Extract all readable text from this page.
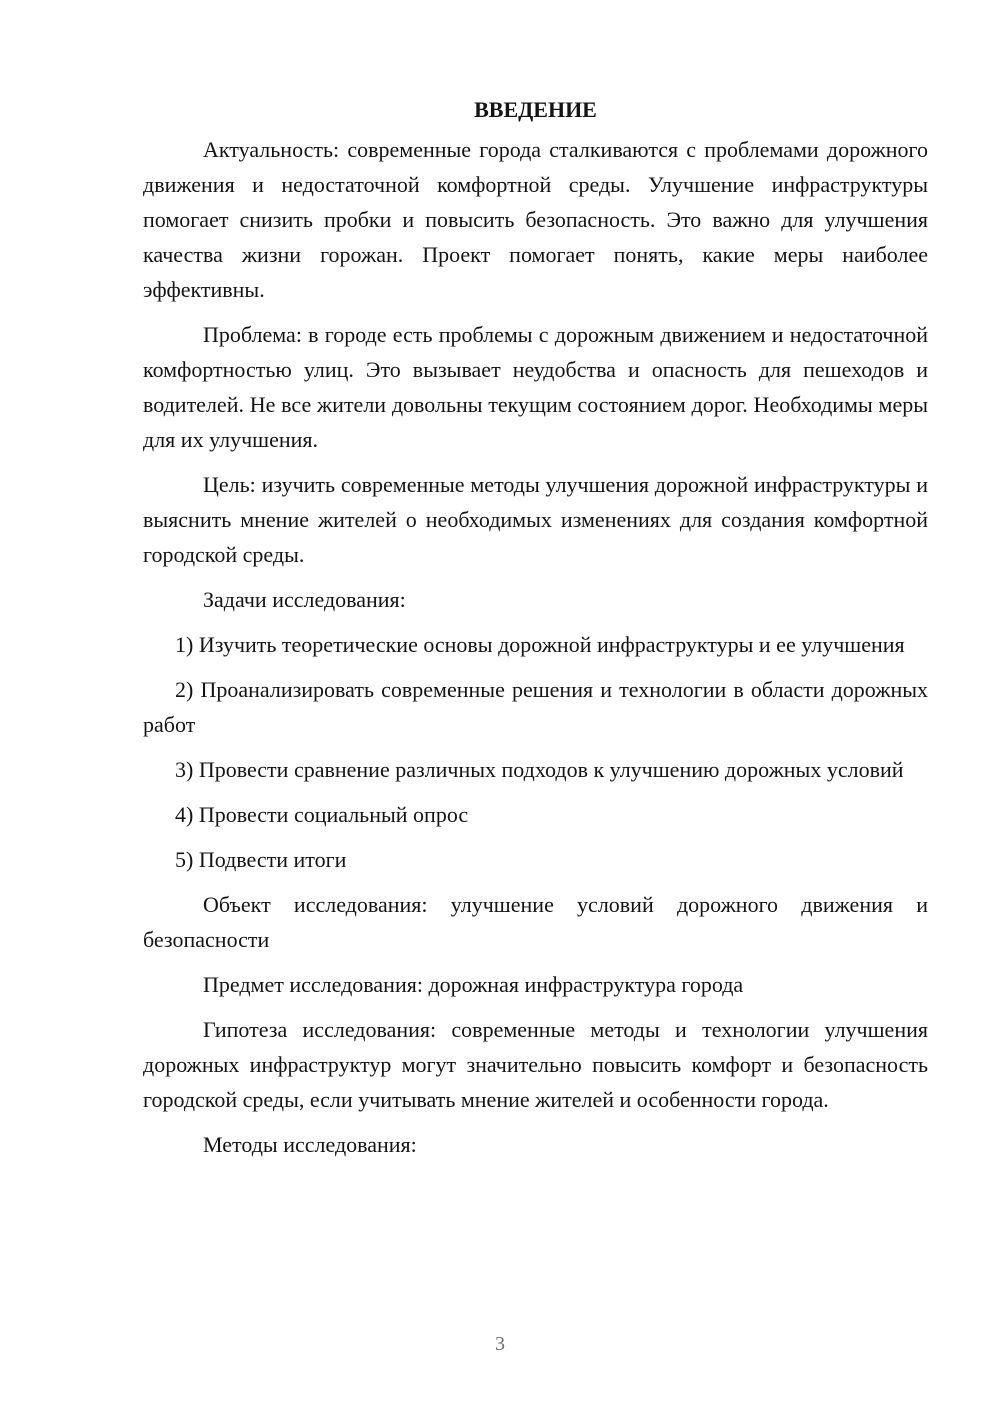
ВВЕДЕНИЕ

Актуальность: современные города сталкиваются с проблемами дорожного движения и недостаточной комфортной среды. Улучшение инфраструктуры помогает снизить пробки и повысить безопасность. Это важно для улучшения качества жизни горожан. Проект помогает понять, какие меры наиболее эффективны.

Проблема: в городе есть проблемы с дорожным движением и недостаточной комфортностью улиц. Это вызывает неудобства и опасность для пешеходов и водителей. Не все жители довольны текущим состоянием дорог. Необходимы меры для их улучшения.

Цель: изучить современные методы улучшения дорожной инфраструктуры и выяснить мнение жителей о необходимых изменениях для создания комфортной городской среды.

Задачи исследования:

1) Изучить теоретические основы дорожной инфраструктуры и ее улучшения

2) Проанализировать современные решения и технологии в области дорожных работ

3) Провести сравнение различных подходов к улучшению дорожных условий

4) Провести социальный опрос

5) Подвести итоги

Объект исследования: улучшение условий дорожного движения и безопасности

Предмет исследования: дорожная инфраструктура города

Гипотеза исследования: современные методы и технологии улучшения дорожных инфраструктур могут значительно повысить комфорт и безопасность городской среды, если учитывать мнение жителей и особенности города.

Методы исследования:

3
